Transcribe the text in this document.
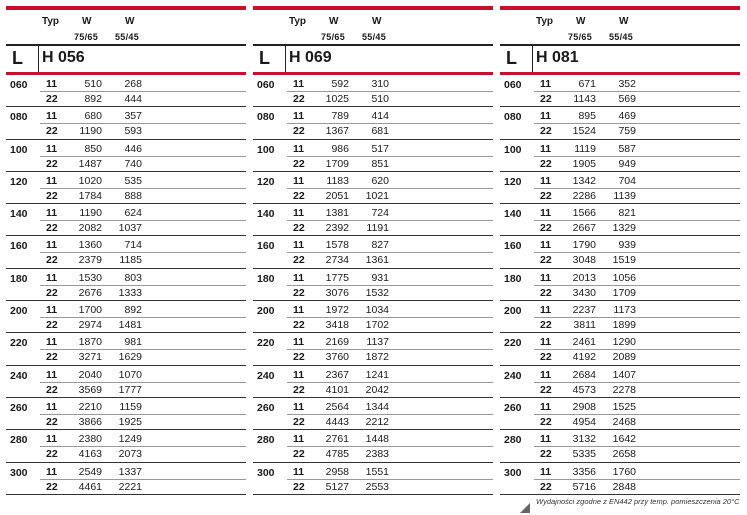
Typ W
75/65
W
55/45
L H 056
060 11	510	268
22	892	444
080 11	680	357
22	1190	593
100 11	850	446
22	1487	740
120 11	1020	535
22	1784	888
140 11	1190	624
22	2082	1037
160 11	1360	714
22	2379	1185
180 11	1530	803
22	2676	1333
200 11	1700	892
22	2974	1481
220 11	1870	981
22	3271	1629
240 11	2040	1070
22	3569	1777
260 11	2210	1159
22	3866	1925
280 11	2380	1249
22	4163	2073
300 11	2549	1337
22	4461	2221
Typ W
75/65
W
55/45
L H 069
060 11	592	310
22	1025	510
080 11	789	414
22	1367	681
100 11	986	517
22	1709	851
120 11	1183	620
22	2051	1021
140 11	1381	724
22	2392	1191
160 11	1578	827
22	2734	1361
180 11	1775	931
22	3076	1532
200 11	1972	1034
22	3418	1702
220 11	2169	1137
22	3760	1872
240 11	2367	1241
22	4101	2042
260 11	2564	1344
22	4443	2212
280 11	2761	1448
22	4785	2383
300 11	2958	1551
22	5127	2553
Typ W
75/65
W
55/45
L H 081
060 11	671	352
22	1143	569
080 11	895	469
22	1524	759
100 11	1119	587
22	1905	949
120 11	1342	704
22	2286	1139
140 11	1566	821
22	2667	1329
160 11	1790	939
22	3048	1519
180 11	2013	1056
22	3430	1709
200 11	2237	1173
22	3811	1899
220 11	2461	1290
22	4192	2089
240 11	2684	1407
22	4573	2278
260 11	2908	1525
22	4954	2468
280 11	3132	1642
22	5335	2658
300 11	3356	1760
22	5716	2848
Wydajności zgodne z EN442 przy temp. pomieszczenia 20°C
